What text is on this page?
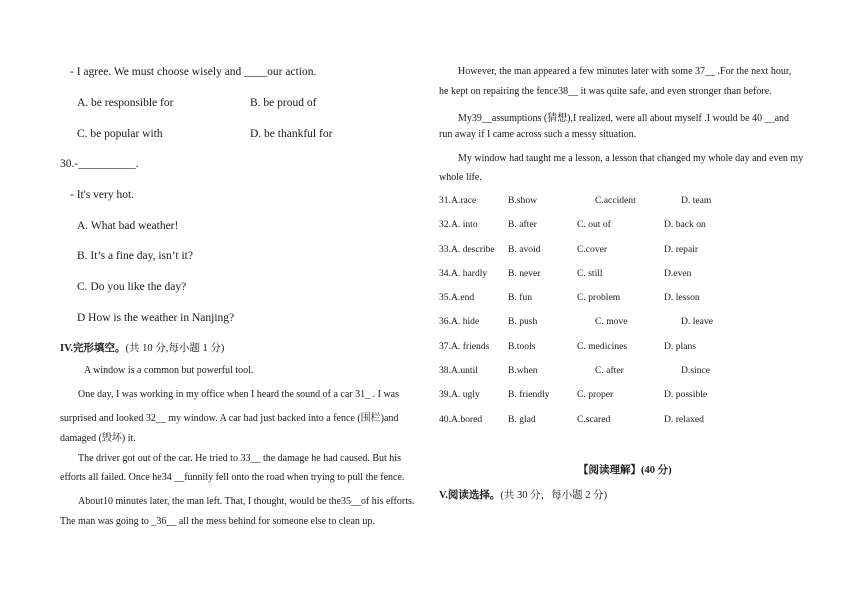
- I agree. We must choose wisely and ____our action.
A. be responsible for	B. be proud of
C. be popular with	D. be thankful for
30.-__________.
- It's very hot.
A. What bad weather!
B. It’s a fine day, isn’t it?
C. Do you like the day?
D How is the weather in Nanjing?
IV.完形填空。(共 10 分,每小题 1 分)
A window is a common but powerful tool.
One day, I was working in my office when I heard the sound of a car 31_ . I was
surprised and looked 32__ my window. A car had just backed into a fence (围栏)and
damaged (毁坏) it.
The driver got out of the car. He tried to 33__ the damage he had caused. But his
efforts all failed. Once he34 __funnily fell onto the road when trying to pull the fence.
About10 minutes later, the man left. That, I thought, would be the35__of his efforts.
The man was going to _36__ all the mess behind for someone else to clean up.
However, the man appeared a few minutes later with some 37__ .For the next hour,
he kept on repairing the fence38__ it was quite safe, and even stronger than before.
My39__assumptions (猜想),I realized, were all about myself .I would be 40 __and
run away if I came across such a messy situation.
My window had taught me a lesson, a lesson that changed my whole day and even my
whole life.
31.A.race	B.show	C.accident	D. team
32.A. into	B. after	C. out of	D. back on
33.A. describe B. avoid	C.cover	D. repair
34.A. hardly B. never	C. still	D.even
35.A.end	B. fun	C. problem	D. lesson
36.A. hide	B. push	C. move	D. leave
37.A. friends B.tools	C. medicines	D. plans
38.A.until	B.when	C. after	D.since
39.A. ugly	B. friendly	C. proper	D. possible
40.A.bored	B. glad	C.scared	D. relaxed
【阅读理解】(40 分)
V.阅读选择。(共 30 分，每小题 2 分)
